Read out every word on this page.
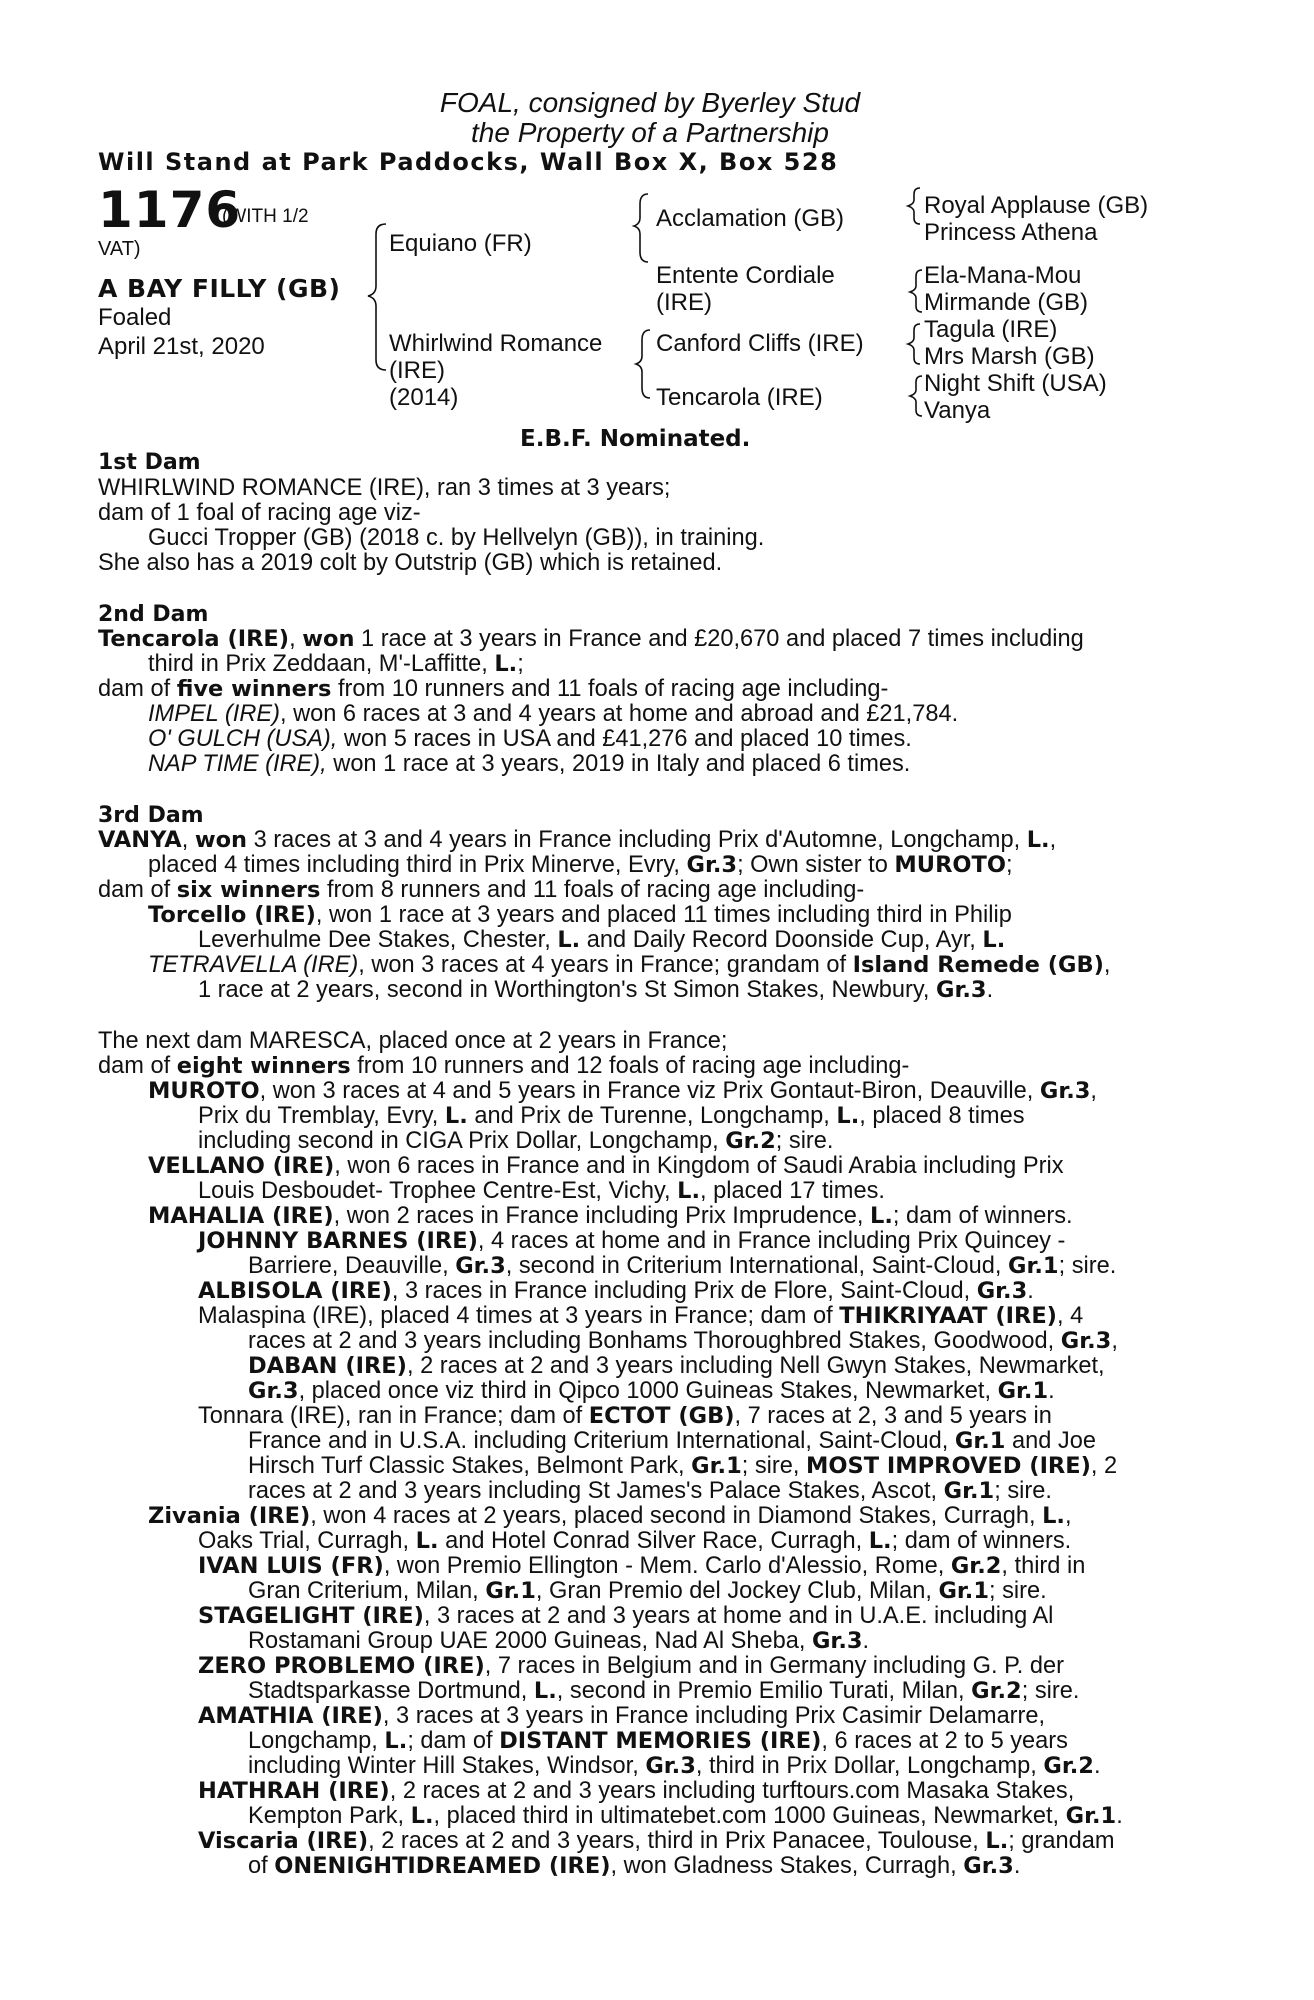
FOAL, consigned by Byerley Stud
the Property of a Partnership
Will Stand at Park Paddocks, Wall Box X, Box 528
1176
(WITH 1/2
VAT)
A BAY FILLY (GB)
Foaled
April 21st, 2020
Equiano (FR)
Whirlwind Romance
(IRE)
(2014)
Acclamation (GB)
Entente Cordiale
(IRE)
Canford Cliffs (IRE)
Tencarola (IRE)
Royal Applause (GB)
Princess Athena
Ela-Mana-Mou
Mirmande (GB)
Tagula (IRE)
Mrs Marsh (GB)
Night Shift (USA)
Vanya
E.B.F. Nominated.
1st Dam
WHIRLWIND ROMANCE (IRE), ran 3 times at 3 years;
dam of 1 foal of racing age viz-
Gucci Tropper (GB) (2018 c. by Hellvelyn (GB)), in training.
She also has a 2019 colt by Outstrip (GB) which is retained.
2nd Dam
Tencarola (IRE), won 1 race at 3 years in France and £20,670 and placed 7 times including
third in Prix Zeddaan, M'-Laffitte, L.;
dam of five winners from 10 runners and 11 foals of racing age including-
IMPEL (IRE), won 6 races at 3 and 4 years at home and abroad and £21,784.
O' GULCH (USA), won 5 races in USA and £41,276 and placed 10 times.
NAP TIME (IRE), won 1 race at 3 years, 2019 in Italy and placed 6 times.
3rd Dam
VANYA, won 3 races at 3 and 4 years in France including Prix d'Automne, Longchamp, L.,
placed 4 times including third in Prix Minerve, Evry, Gr.3; Own sister to MUROTO;
dam of six winners from 8 runners and 11 foals of racing age including-
Torcello (IRE), won 1 race at 3 years and placed 11 times including third in Philip
Leverhulme Dee Stakes, Chester, L. and Daily Record Doonside Cup, Ayr, L.
TETRAVELLA (IRE), won 3 races at 4 years in France; grandam of Island Remede (GB),
1 race at 2 years, second in Worthington's St Simon Stakes, Newbury, Gr.3.
The next dam MARESCA, placed once at 2 years in France;
dam of eight winners from 10 runners and 12 foals of racing age including-
MUROTO, won 3 races at 4 and 5 years in France viz Prix Gontaut-Biron, Deauville, Gr.3,
Prix du Tremblay, Evry, L. and Prix de Turenne, Longchamp, L., placed 8 times
including second in CIGA Prix Dollar, Longchamp, Gr.2; sire.
VELLANO (IRE), won 6 races in France and in Kingdom of Saudi Arabia including Prix
Louis Desboudet- Trophee Centre-Est, Vichy, L., placed 17 times.
MAHALIA (IRE), won 2 races in France including Prix Imprudence, L.; dam of winners.
JOHNNY BARNES (IRE), 4 races at home and in France including Prix Quincey -
Barriere, Deauville, Gr.3, second in Criterium International, Saint-Cloud, Gr.1; sire.
ALBISOLA (IRE), 3 races in France including Prix de Flore, Saint-Cloud, Gr.3.
Malaspina (IRE), placed 4 times at 3 years in France; dam of THIKRIYAAT (IRE), 4
races at 2 and 3 years including Bonhams Thoroughbred Stakes, Goodwood, Gr.3,
DABAN (IRE), 2 races at 2 and 3 years including Nell Gwyn Stakes, Newmarket,
Gr.3, placed once viz third in Qipco 1000 Guineas Stakes, Newmarket, Gr.1.
Tonnara (IRE), ran in France; dam of ECTOT (GB), 7 races at 2, 3 and 5 years in
France and in U.S.A. including Criterium International, Saint-Cloud, Gr.1 and Joe
Hirsch Turf Classic Stakes, Belmont Park, Gr.1; sire, MOST IMPROVED (IRE), 2
races at 2 and 3 years including St James's Palace Stakes, Ascot, Gr.1; sire.
Zivania (IRE), won 4 races at 2 years, placed second in Diamond Stakes, Curragh, L.,
Oaks Trial, Curragh, L. and Hotel Conrad Silver Race, Curragh, L.; dam of winners.
IVAN LUIS (FR), won Premio Ellington - Mem. Carlo d'Alessio, Rome, Gr.2, third in
Gran Criterium, Milan, Gr.1, Gran Premio del Jockey Club, Milan, Gr.1; sire.
STAGELIGHT (IRE), 3 races at 2 and 3 years at home and in U.A.E. including Al
Rostamani Group UAE 2000 Guineas, Nad Al Sheba, Gr.3.
ZERO PROBLEMO (IRE), 7 races in Belgium and in Germany including G. P. der
Stadtsparkasse Dortmund, L., second in Premio Emilio Turati, Milan, Gr.2; sire.
AMATHIA (IRE), 3 races at 3 years in France including Prix Casimir Delamarre,
Longchamp, L.; dam of DISTANT MEMORIES (IRE), 6 races at 2 to 5 years
including Winter Hill Stakes, Windsor, Gr.3, third in Prix Dollar, Longchamp, Gr.2.
HATHRAH (IRE), 2 races at 2 and 3 years including turftours.com Masaka Stakes,
Kempton Park, L., placed third in ultimatebet.com 1000 Guineas, Newmarket, Gr.1.
Viscaria (IRE), 2 races at 2 and 3 years, third in Prix Panacee, Toulouse, L.; grandam
of ONENIGHTIDREAMED (IRE), won Gladness Stakes, Curragh, Gr.3.
